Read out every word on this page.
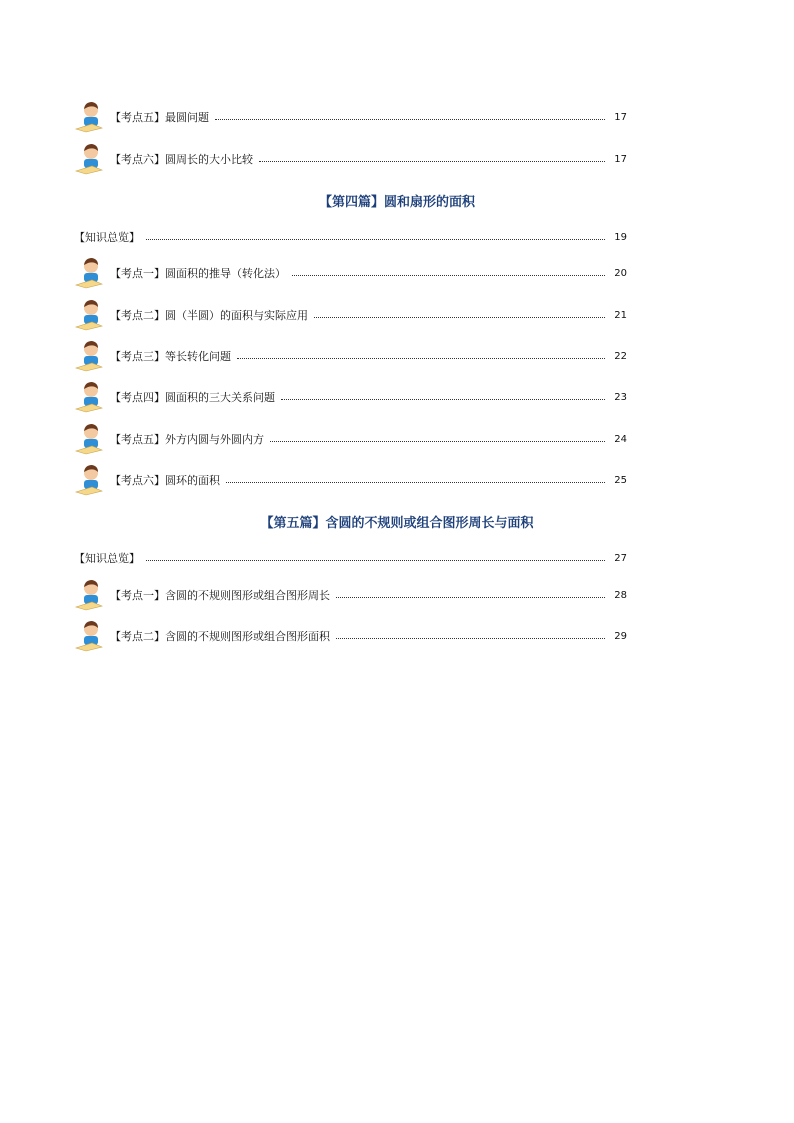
【考点五】最圆问题	17
【考点六】圆周长的大小比较	17
【第四篇】圆和扇形的面积
【知识总览】	19
【考点一】圆面积的推导（转化法）	20
【考点二】圆（半圆）的面积与实际应用	21
【考点三】等长转化问题	22
【考点四】圆面积的三大关系问题	23
【考点五】外方内圆与外圆内方	24
【考点六】圆环的面积	25
【第五篇】含圆的不规则或组合图形周长与面积
【知识总览】	27
【考点一】含圆的不规则图形或组合图形周长	28
【考点二】含圆的不规则图形或组合图形面积	29
